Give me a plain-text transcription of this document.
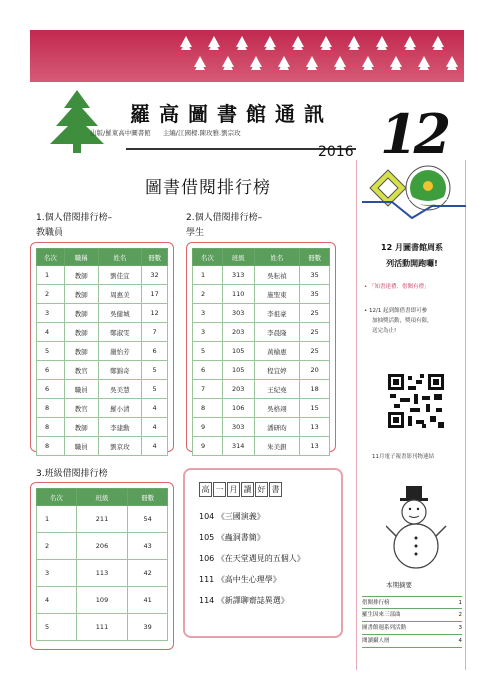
羅高圖書館通訊
出版/羅東高中圖書館 主編/江國樑.陳玫雅.劉宗玫
2016 12
圖書借閱排行榜
1.個人借閱排行榜–
教職員
名次	職稱	姓名	冊數
1	教師	劉佳宜	32
2	教師	周惠美	17
3	教師	吳健城	12
4	教師	鄭淑雯	7
5	教師	嚴怡芳	6
6	教官	鄭錦奇	5
6	職員	吳美慧	5
8	教官	羅小清	4
8	教師	李建勳	4
8	職員	劉京玫	4
2.個人借閱排行榜–
學生
名次	班級	姓名	冊數
1	313	吳耘禎	35
2	110	施聖東	35
3	303	李祖豪	25
3	203	李晨隆	25
5	105	黃榆惠	25
6	105	程宜婷	20
7	203	王紀堯	18
8	106	吳格翊	15
9	303	潘研昀	13
9	314	朱美鋇	13
3.班級借閱排行榜
名次	班級	冊數
1	211	54
2	206	43
3	113	42
4	109	41
5	111	39
高 一 月 讀 好 書
104 《三國演義》
105 《蟲洞書簡》
106 《在天堂遇見的五個人》
111 《高中生心理學》
114 《新譯聊齋誌異選》
12 月圖書館周系
列活動開跑囉!
• 「知書達禮．借閱有禮」
• 12/1 起到館借書即可參
加抽獎活動，獎項有限，
送完為止!
11月電子報書影刊物連結
本期摘要
借閱排行榜	1
羅生因來三部曲	2
圖書館週系列活動	3
閱讀攝人層	4
